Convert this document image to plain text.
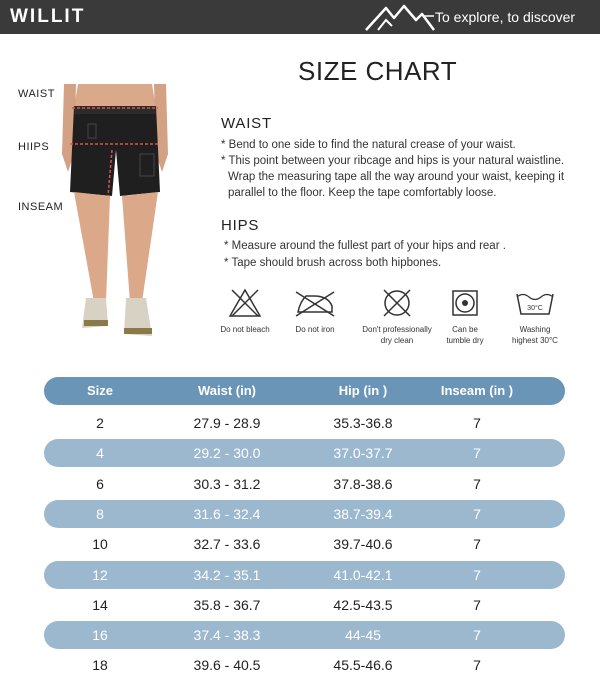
WILLIT	To explore, to discover
WAIST
HIIPS
INSEAM
SIZE CHART
WAIST
* Bend to one side to find the natural crease of your waist.
* This point between your ribcage and hips is your natural waistline.
Wrap the measuring tape all the way around your waist, keeping it
parallel to the floor. Keep the tape comfortably loose.
HIPS
* Measure around the fullest part of your hips and rear .
* Tape should brush across both hipbones.
Do not bleach	Do not iron	Don't professionally dry clean
Can be tumble dry
30°C
Washing highest 30°C
Size	Waist (in)	Hip (in )	Inseam (in )
2	27.9 - 28.9	35.3-36.8	7
4	29.2 - 30.0	37.0-37.7	7
6	30.3 - 31.2	37.8-38.6	7
8	31.6 - 32.4	38.7-39.4	7
10	32.7 - 33.6	39.7-40.6	7
12	34.2 - 35.1	41.0-42.1	7
14	35.8 - 36.7	42.5-43.5	7
16	37.4 - 38.3	44-45	7
18	39.6 - 40.5	45.5-46.6	7
